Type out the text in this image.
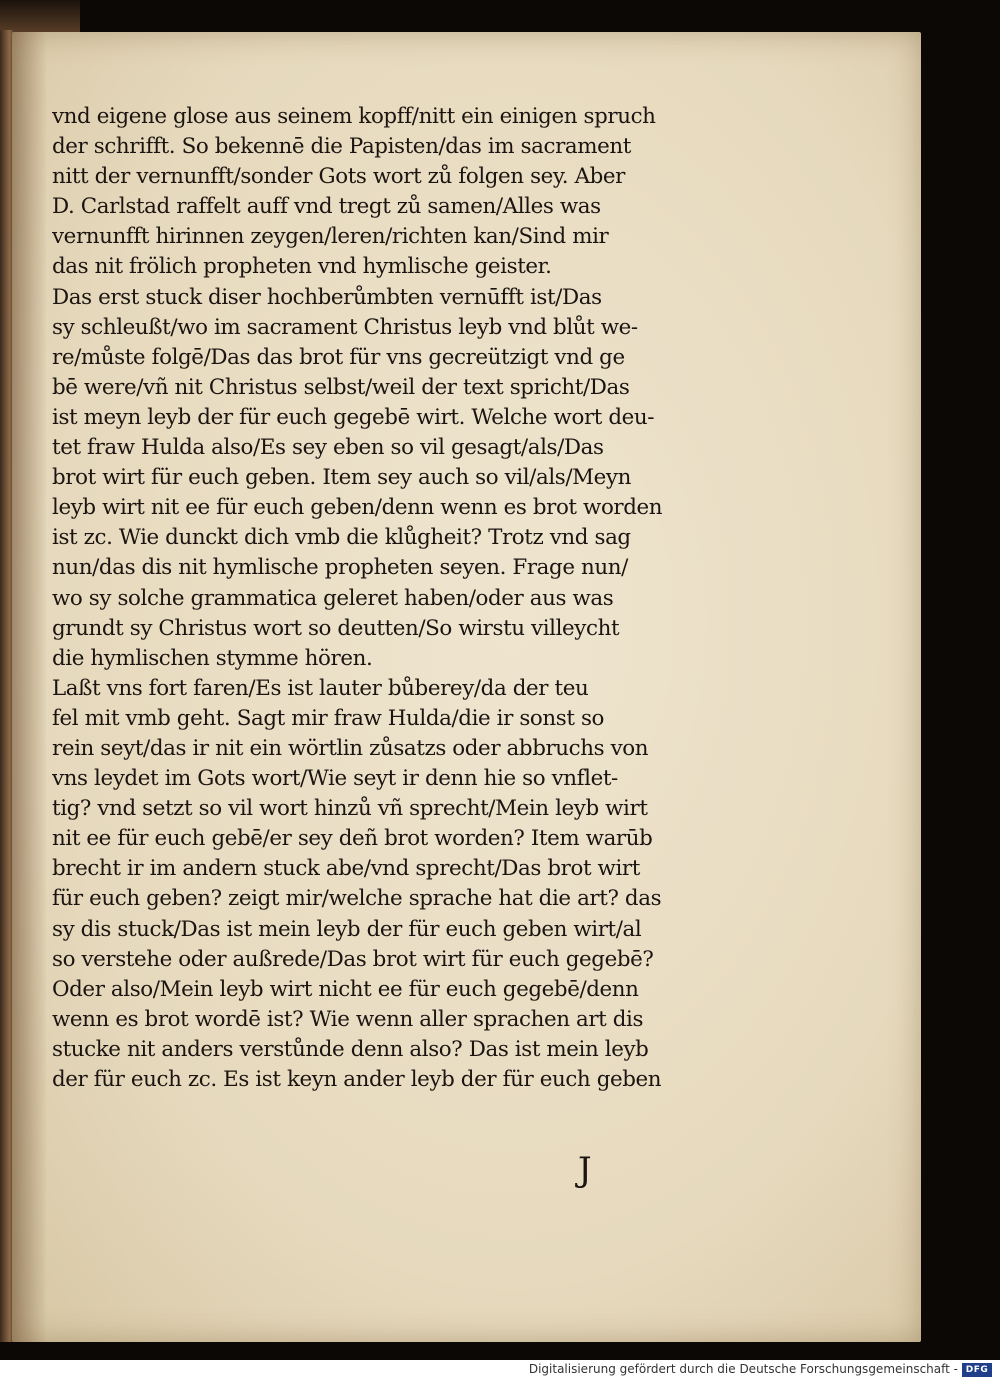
vnd eigene glose aus seinem kopff/nitt ein einigen spruch
der schrifft. So bekennē die Papisten/das im sacrament
nitt der vernunfft/sonder Gots wort zů folgen sey. Aber
D. Carlstad raffelt auff vnd tregt zů samen/Alles was
vernunfft hirinnen zeygen/leren/richten kan/Sind mir
das nit frölich propheten vnd hymlische geister.
Das erst stuck diser hochberůmbten vernūfft ist/Das
sy schleußt/wo im sacrament Christus leyb vnd blůt we-
re/můste folgē/Das das brot für vns gecreützigt vnd ge
bē were/vñ nit Christus selbst/weil der text spricht/Das
ist meyn leyb der für euch gegebē wirt. Welche wort deu-
tet fraw Hulda also/Es sey eben so vil gesagt/als/Das
brot wirt für euch geben. Item sey auch so vil/als/Meyn
leyb wirt nit ee für euch geben/denn wenn es brot worden
ist zc. Wie dunckt dich vmb die klůgheit? Trotz vnd sag
nun/das dis nit hymlische propheten seyen. Frage nun/
wo sy solche grammatica geleret haben/oder aus was
grundt sy Christus wort so deutten/So wirstu villeycht
die hymlischen stymme hören.
Laßt vns fort faren/Es ist lauter bůberey/da der teu
fel mit vmb geht. Sagt mir fraw Hulda/die ir sonst so
rein seyt/das ir nit ein wörtlin zůsatzs oder abbruchs von
vns leydet im Gots wort/Wie seyt ir denn hie so vnflet-
tig? vnd setzt so vil wort hinzů vñ sprecht/Mein leyb wirt
nit ee für euch gebē/er sey deñ brot worden? Item warūb
brecht ir im andern stuck abe/vnd sprecht/Das brot wirt
für euch geben? zeigt mir/welche sprache hat die art? das
sy dis stuck/Das ist mein leyb der für euch geben wirt/al
so verstehe oder außrede/Das brot wirt für euch gegebē?
Oder also/Mein leyb wirt nicht ee für euch gegebē/denn
wenn es brot wordē ist? Wie wenn aller sprachen art dis
stucke nit anders verstůnde denn also? Das ist mein leyb
der für euch zc. Es ist keyn ander leyb der für euch geben
J
Digitalisierung gefördert durch die Deutsche Forschungsgemeinschaft - DFG
